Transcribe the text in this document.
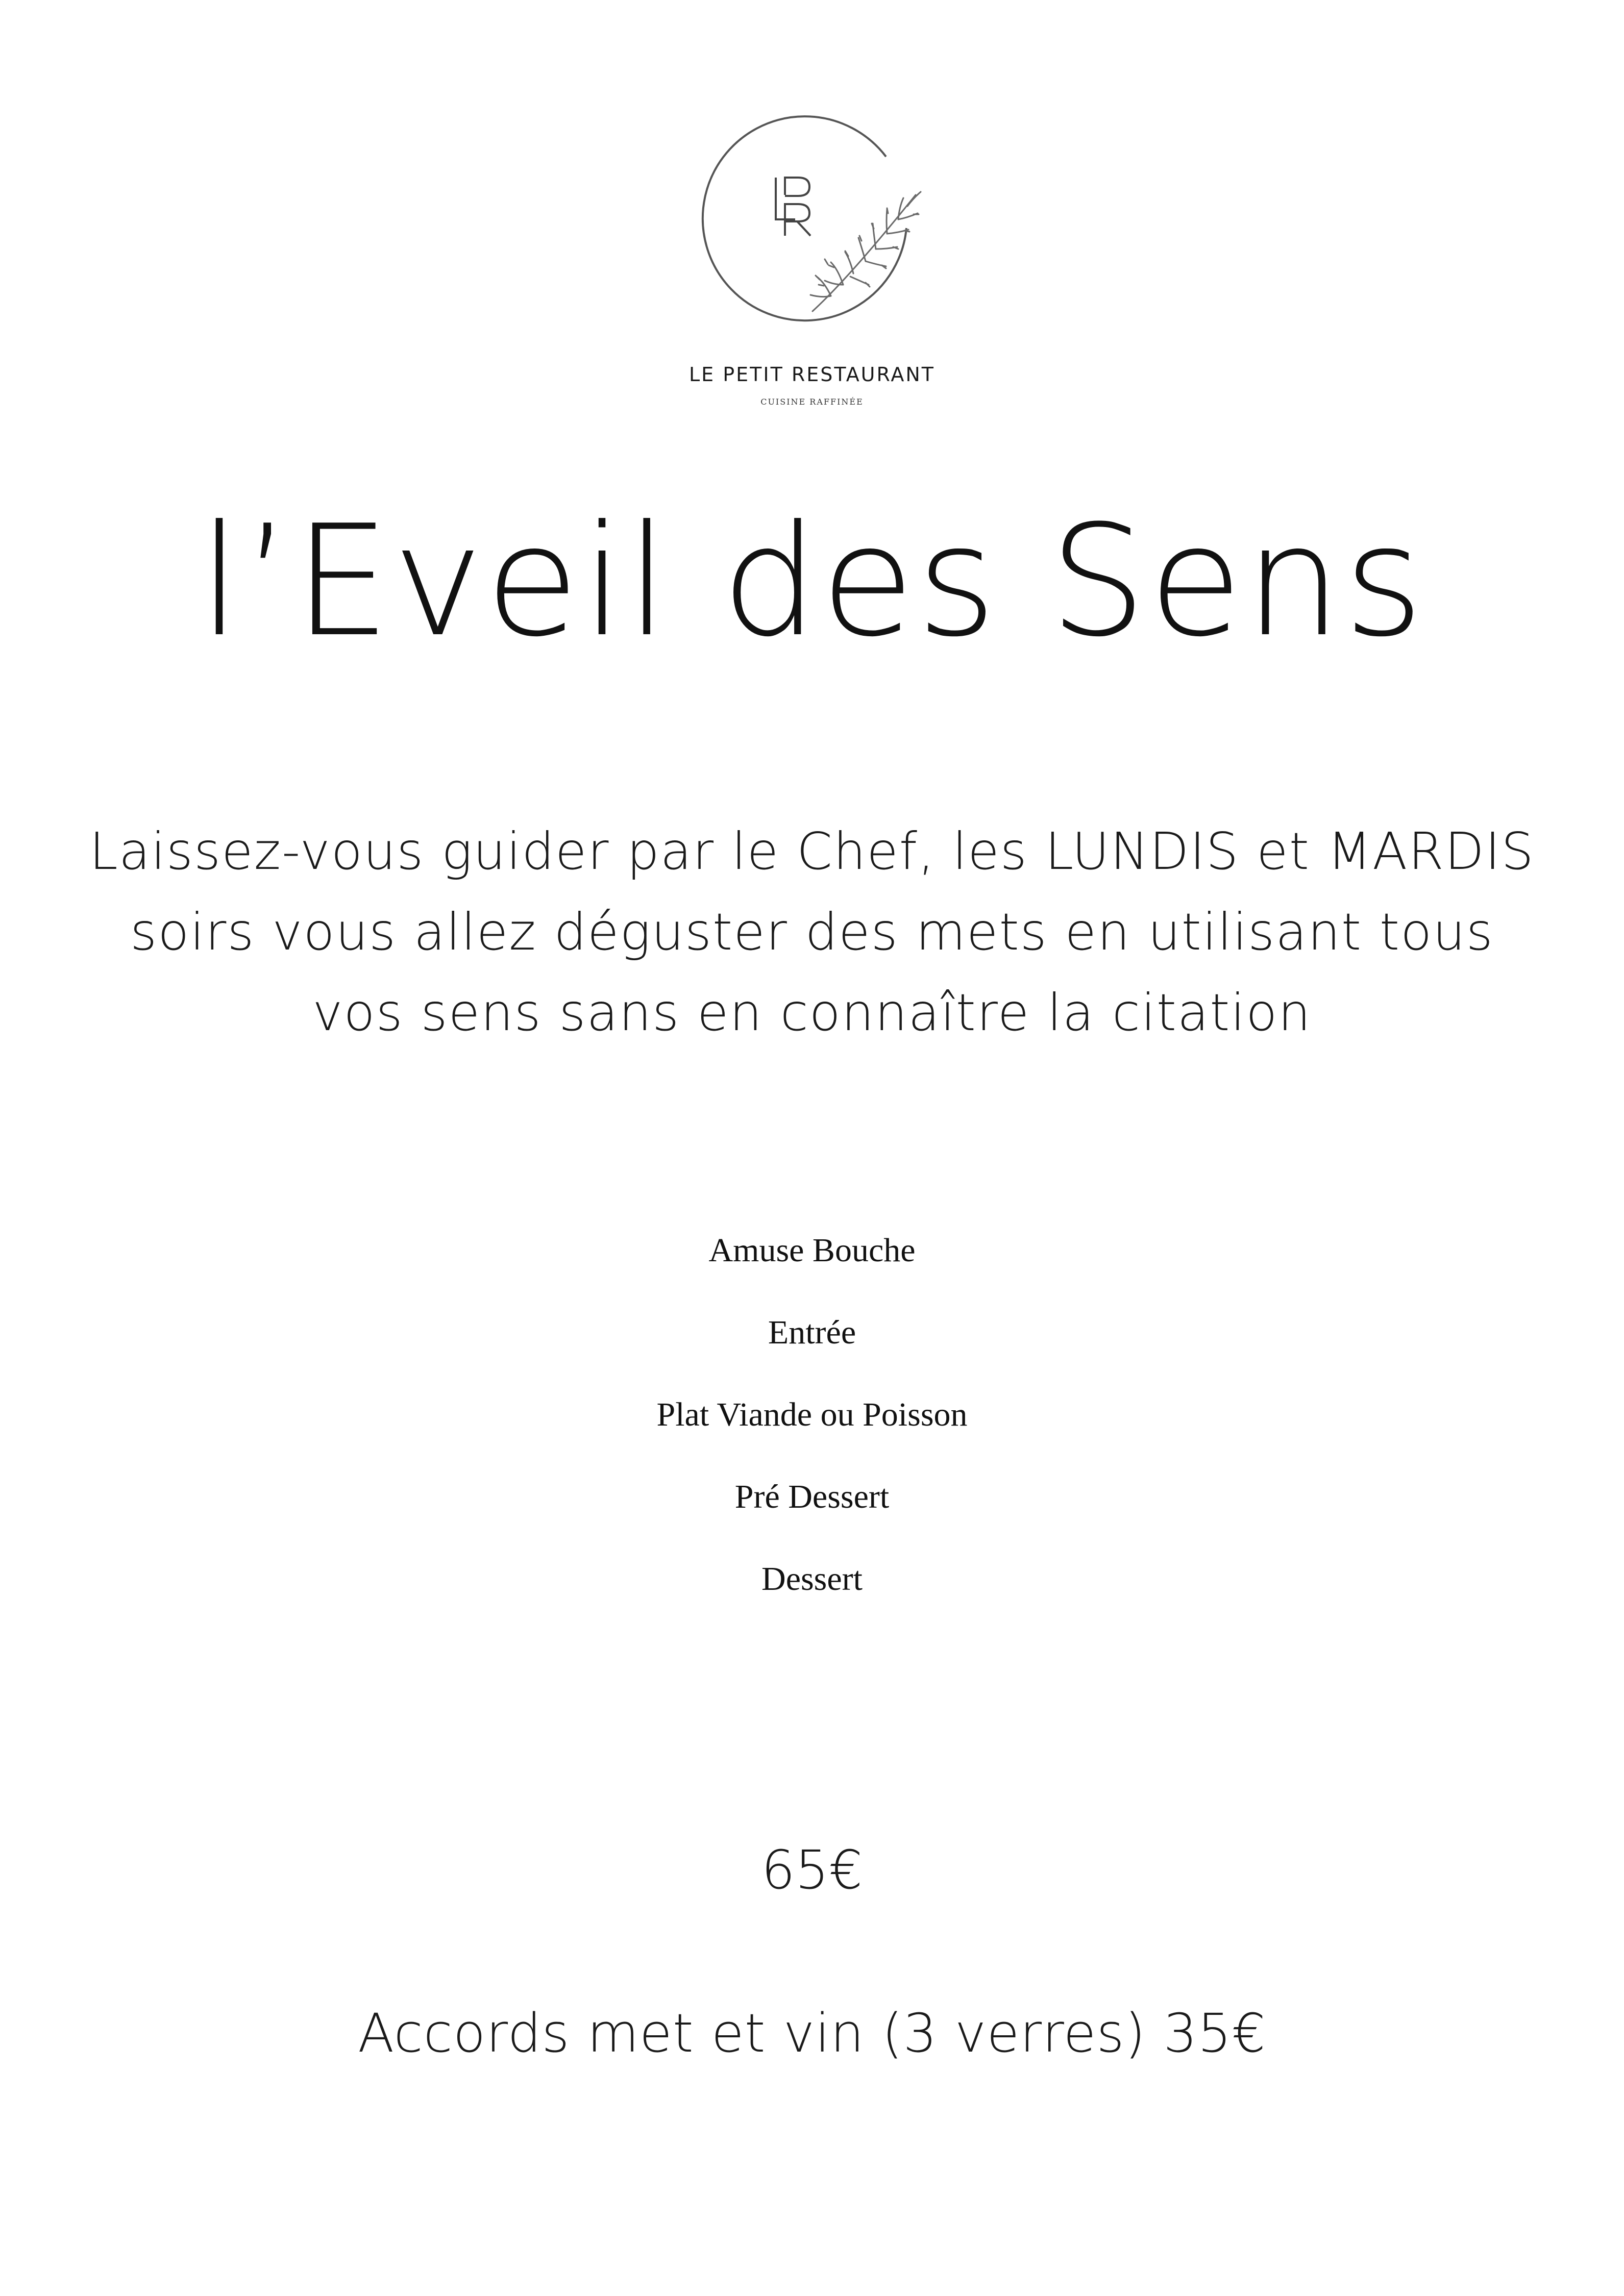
LE PETIT RESTAURANT
CUISINE RAFFINÉE
l’Eveil des Sens
Laissez-vous guider par le Chef, les LUNDIS et MARDIS soirs vous allez déguster des mets en utilisant tous vos sens sans en connaître la citation
Amuse Bouche
Entrée
Plat Viande ou Poisson
Pré Dessert
Dessert
65€
Accords met et vin (3 verres) 35€
